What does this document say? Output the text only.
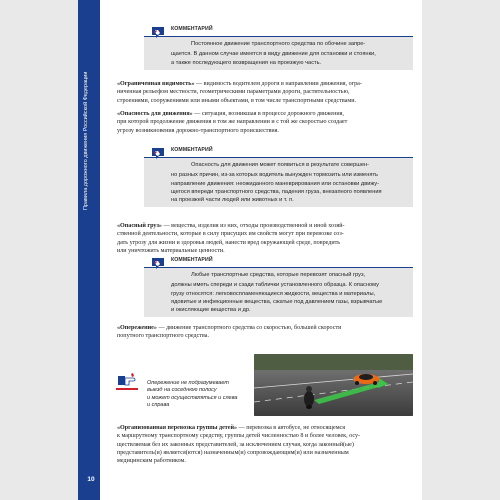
Правила дорожного движения Российской Федерации
10
КОММЕНТАРИЙ
Постоянное движение транспортного средства по обочине запре-
щается. В данном случае имеется в виду движение для остановки и стоянки,
а также последующего возвращения на проезжую часть.
«Ограниченная видимость» — видимость водителем дороги в направлении движения, огра-
ниченная рельефом местности, геометрическими параметрами дороги, растительностью,
строениями, сооружениями или иными объектами, в том числе транспортными средствами.
«Опасность для движения» — ситуация, возникшая в процессе дорожного движения,
при которой продолжение движения в том же направлении и с той же скоростью создает
угрозу возникновения дорожно-транспортного происшествия.
КОММЕНТАРИЙ
Опасность для движения может появиться в результате совершен-
но разных причин, из-за которых водитель вынужден тормозить или изменять
направление движения: неожиданного маневрирования или остановки движу-
щегося впереди транспортного средства, падения груза, внезапного появления
на проезжей части людей или животных и т. п.
«Опасный груз» — вещества, изделия из них, отходы производственной и иной хозяй-
ственной деятельности, которые в силу присущих им свойств могут при перевозке соз-
дать угрозу для жизни и здоровья людей, нанести вред окружающей среде, повредить
или уничтожить материальные ценности.
КОММЕНТАРИЙ
Любые транспортные средства, которые перевозят опасный груз,
должны иметь спереди и сзади таблички установленного образца. К опасному
грузу относятся: легковоспламеняющиеся жидкости, вещества и материалы,
ядовитые и инфекционные вещества, сжатые под давлением газы, взрывчатые
и окисляющие вещества и др.
«Опережение» — движение транспортного средства со скоростью, большей скорости
попутного транспортного средства.
Опережение не подразумевает
выезд на соседнюю полосу
и может осуществляться и слева
и справа
«Организованная перевозка группы детей» — перевозка в автобусе, не относящемся
к маршрутному транспортному средству, группы детей численностью 8 и более человек, осу-
ществляемая без их законных представителей, за исключением случая, когда законный(ые)
представитель(и) является(ются) назначенным(и) сопровождающим(и) или назначенным
медицинским работником.
